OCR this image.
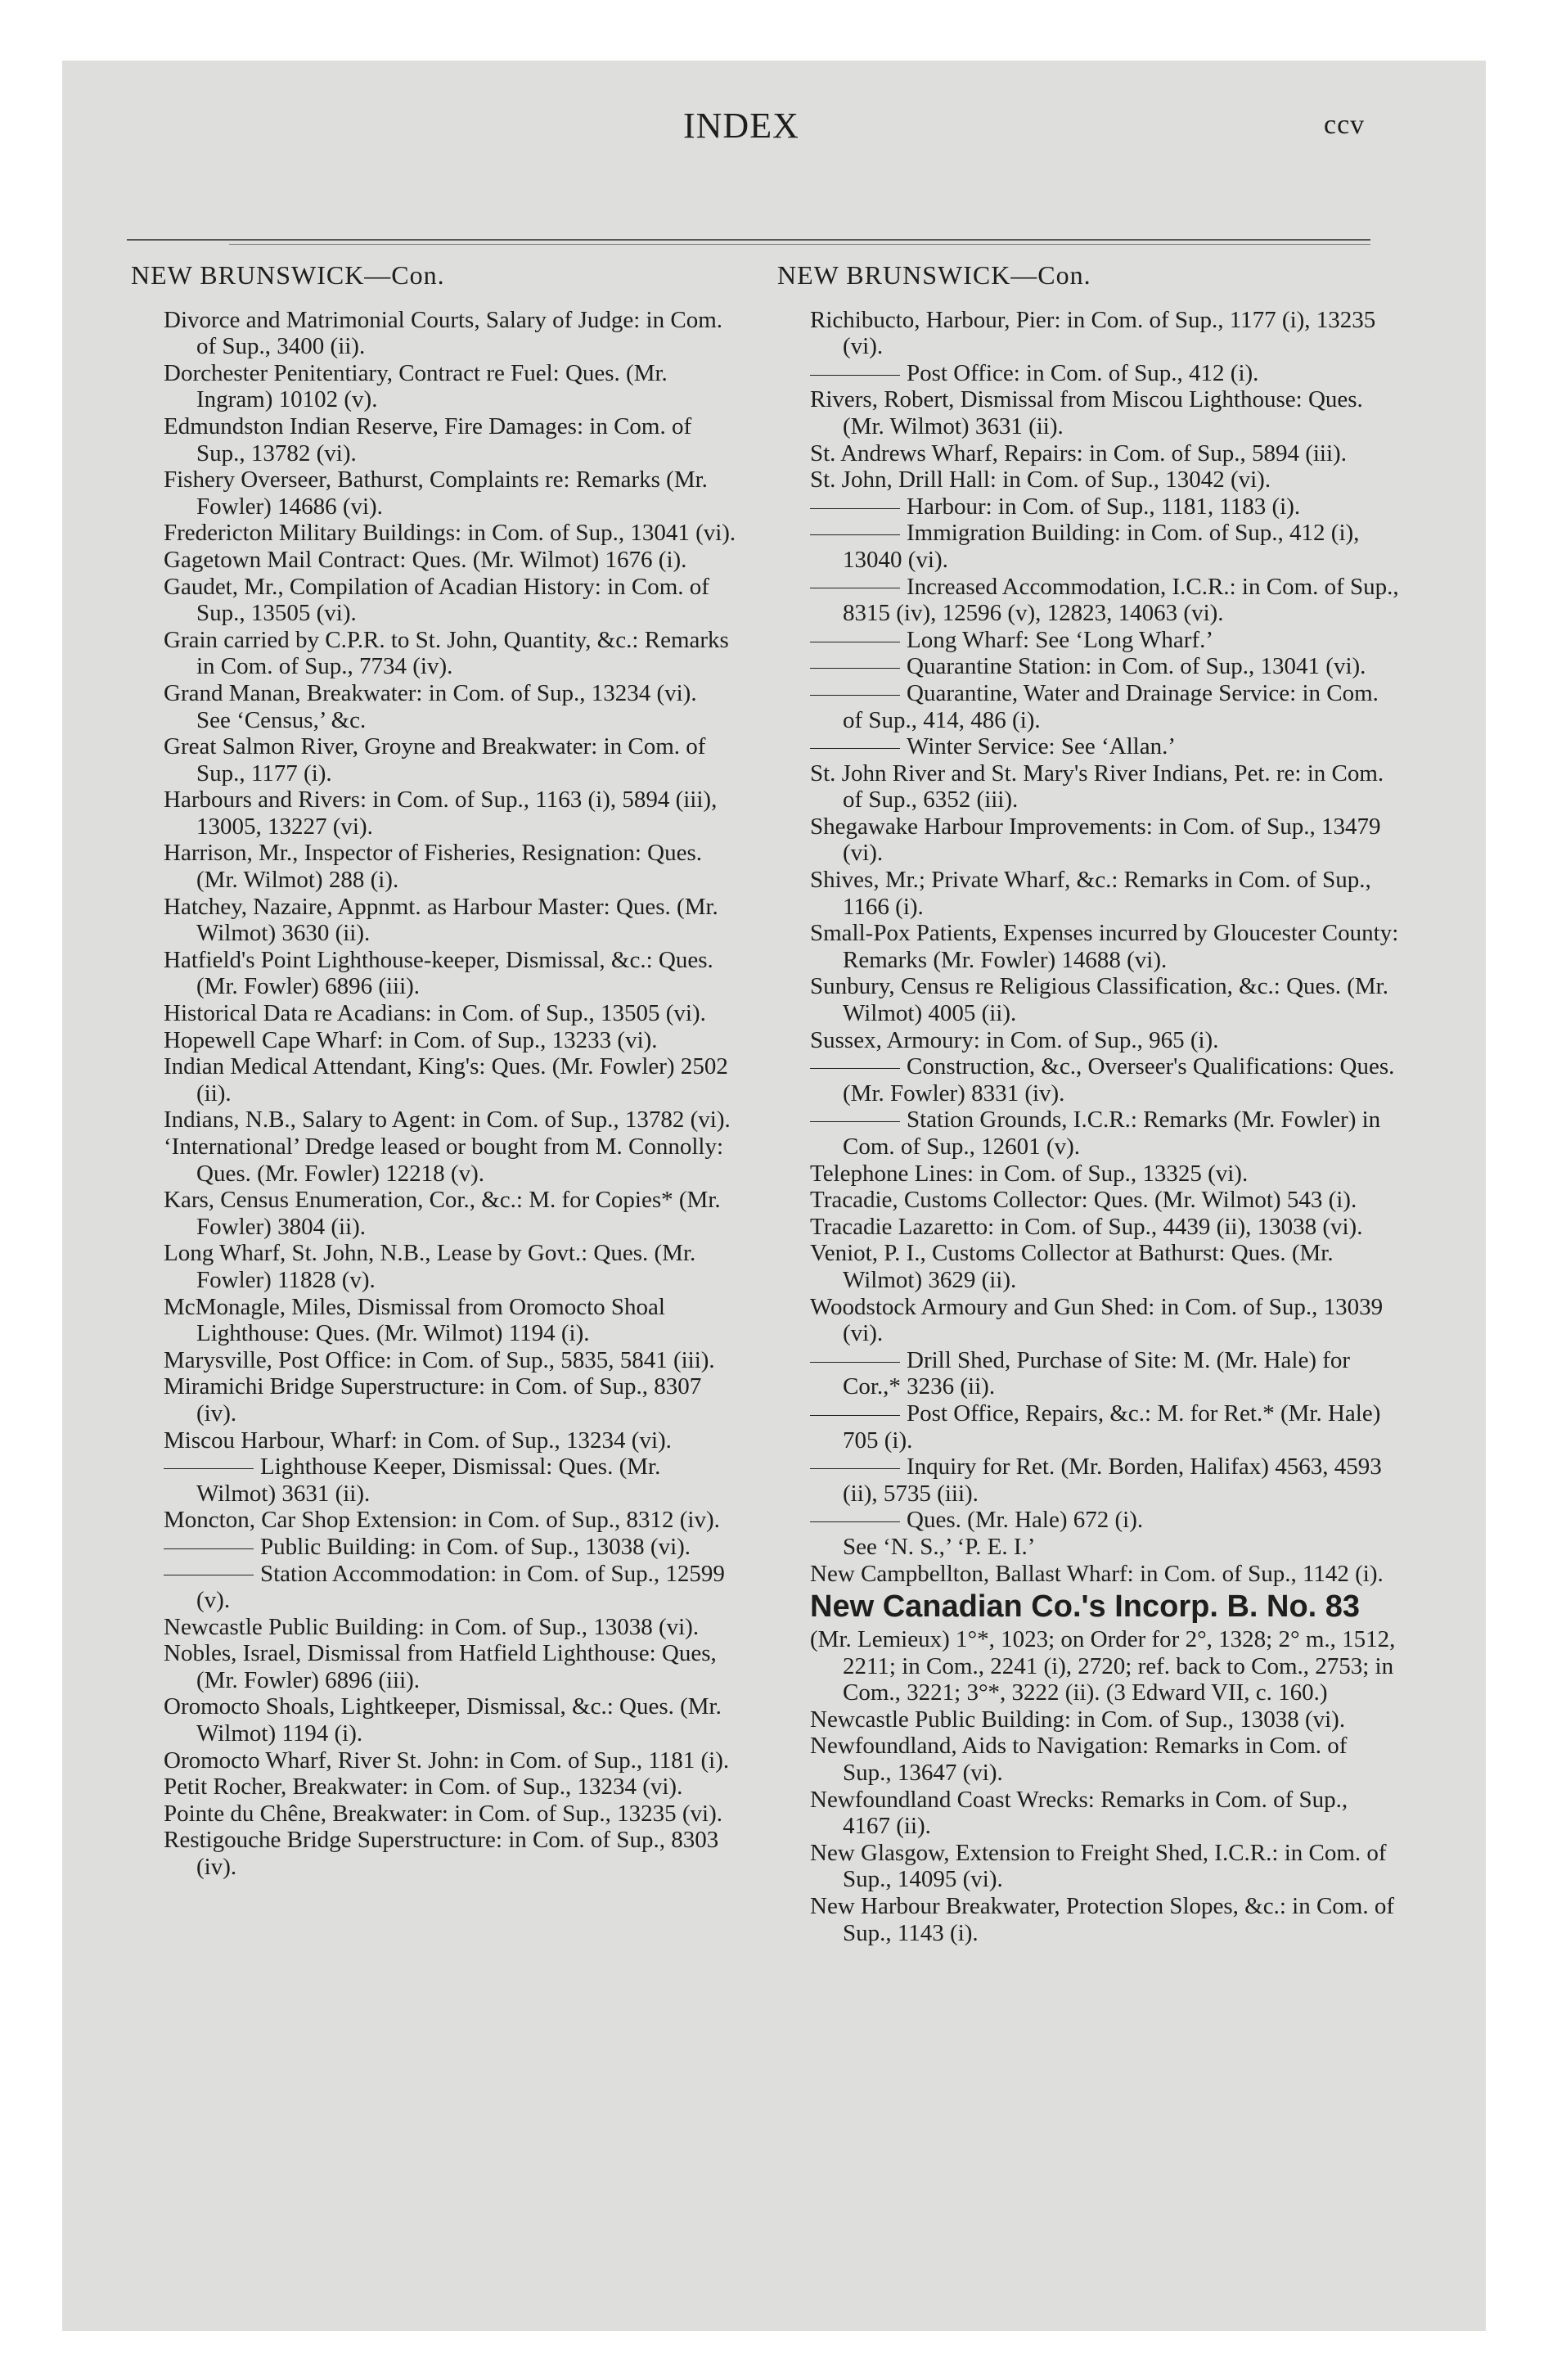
INDEX	ccv
NEW BRUNSWICK—Con.
Divorce and Matrimonial Courts, Salary of Judge: in Com. of Sup., 3400 (ii).
Dorchester Penitentiary, Contract re Fuel: Ques. (Mr. Ingram) 10102 (v).
Edmundston Indian Reserve, Fire Damages: in Com. of Sup., 13782 (vi).
Fishery Overseer, Bathurst, Complaints re: Remarks (Mr. Fowler) 14686 (vi).
Fredericton Military Buildings: in Com. of Sup., 13041 (vi).
Gagetown Mail Contract: Ques. (Mr. Wilmot) 1676 (i).
Gaudet, Mr., Compilation of Acadian History: in Com. of Sup., 13505 (vi).
Grain carried by C.P.R. to St. John, Quantity, &c.: Remarks in Com. of Sup., 7734 (iv).
Grand Manan, Breakwater: in Com. of Sup., 13234 (vi).
See ‘Census,’ &c.
Great Salmon River, Groyne and Breakwater: in Com. of Sup., 1177 (i).
Harbours and Rivers: in Com. of Sup., 1163 (i), 5894 (iii), 13005, 13227 (vi).
Harrison, Mr., Inspector of Fisheries, Resignation: Ques. (Mr. Wilmot) 288 (i).
Hatchey, Nazaire, Appnmt. as Harbour Master: Ques. (Mr. Wilmot) 3630 (ii).
Hatfield's Point Lighthouse-keeper, Dismissal, &c.: Ques. (Mr. Fowler) 6896 (iii).
Historical Data re Acadians: in Com. of Sup., 13505 (vi).
Hopewell Cape Wharf: in Com. of Sup., 13233 (vi).
Indian Medical Attendant, King's: Ques. (Mr. Fowler) 2502 (ii).
Indians, N.B., Salary to Agent: in Com. of Sup., 13782 (vi).
‘International’ Dredge leased or bought from M. Connolly: Ques. (Mr. Fowler) 12218 (v).
Kars, Census Enumeration, Cor., &c.: M. for Copies* (Mr. Fowler) 3804 (ii).
Long Wharf, St. John, N.B., Lease by Govt.: Ques. (Mr. Fowler) 11828 (v).
McMonagle, Miles, Dismissal from Oromocto Shoal Lighthouse: Ques. (Mr. Wilmot) 1194 (i).
Marysville, Post Office: in Com. of Sup., 5835, 5841 (iii).
Miramichi Bridge Superstructure: in Com. of Sup., 8307 (iv).
Miscou Harbour, Wharf: in Com. of Sup., 13234 (vi).
Lighthouse Keeper, Dismissal: Ques. (Mr. Wilmot) 3631 (ii).
Moncton, Car Shop Extension: in Com. of Sup., 8312 (iv).
Public Building: in Com. of Sup., 13038 (vi).
Station Accommodation: in Com. of Sup., 12599 (v).
Newcastle Public Building: in Com. of Sup., 13038 (vi).
Nobles, Israel, Dismissal from Hatfield Lighthouse: Ques, (Mr. Fowler) 6896 (iii).
Oromocto Shoals, Lightkeeper, Dismissal, &c.: Ques. (Mr. Wilmot) 1194 (i).
Oromocto Wharf, River St. John: in Com. of Sup., 1181 (i).
Petit Rocher, Breakwater: in Com. of Sup., 13234 (vi).
Pointe du Chêne, Breakwater: in Com. of Sup., 13235 (vi).
Restigouche Bridge Superstructure: in Com. of Sup., 8303 (iv).
NEW BRUNSWICK—Con.
Richibucto, Harbour, Pier: in Com. of Sup., 1177 (i), 13235 (vi).
Post Office: in Com. of Sup., 412 (i).
Rivers, Robert, Dismissal from Miscou Lighthouse: Ques. (Mr. Wilmot) 3631 (ii).
St. Andrews Wharf, Repairs: in Com. of Sup., 5894 (iii).
St. John, Drill Hall: in Com. of Sup., 13042 (vi).
Harbour: in Com. of Sup., 1181, 1183 (i).
Immigration Building: in Com. of Sup., 412 (i), 13040 (vi).
Increased Accommodation, I.C.R.: in Com. of Sup., 8315 (iv), 12596 (v), 12823, 14063 (vi).
Long Wharf: See ‘Long Wharf.’
Quarantine Station: in Com. of Sup., 13041 (vi).
Quarantine, Water and Drainage Service: in Com. of Sup., 414, 486 (i).
Winter Service: See ‘Allan.’
St. John River and St. Mary's River Indians, Pet. re: in Com. of Sup., 6352 (iii).
Shegawake Harbour Improvements: in Com. of Sup., 13479 (vi).
Shives, Mr.; Private Wharf, &c.: Remarks in Com. of Sup., 1166 (i).
Small-Pox Patients, Expenses incurred by Gloucester County: Remarks (Mr. Fowler) 14688 (vi).
Sunbury, Census re Religious Classification, &c.: Ques. (Mr. Wilmot) 4005 (ii).
Sussex, Armoury: in Com. of Sup., 965 (i).
Construction, &c., Overseer's Qualifications: Ques. (Mr. Fowler) 8331 (iv).
Station Grounds, I.C.R.: Remarks (Mr. Fowler) in Com. of Sup., 12601 (v).
Telephone Lines: in Com. of Sup., 13325 (vi).
Tracadie, Customs Collector: Ques. (Mr. Wilmot) 543 (i).
Tracadie Lazaretto: in Com. of Sup., 4439 (ii), 13038 (vi).
Veniot, P. I., Customs Collector at Bathurst: Ques. (Mr. Wilmot) 3629 (ii).
Woodstock Armoury and Gun Shed: in Com. of Sup., 13039 (vi).
Drill Shed, Purchase of Site: M. (Mr. Hale) for Cor.,* 3236 (ii).
Post Office, Repairs, &c.: M. for Ret.* (Mr. Hale) 705 (i).
Inquiry for Ret. (Mr. Borden, Halifax) 4563, 4593 (ii), 5735 (iii).
Ques. (Mr. Hale) 672 (i).
See ‘N. S.,’ ‘P. E. I.’
New Campbellton, Ballast Wharf: in Com. of Sup., 1142 (i).
New Canadian Co.'s Incorp. B. No. 83
(Mr. Lemieux) 1°*, 1023; on Order for 2°, 1328; 2° m., 1512, 2211; in Com., 2241 (i), 2720; ref. back to Com., 2753; in Com., 3221; 3°*, 3222 (ii). (3 Edward VII, c. 160.)
Newcastle Public Building: in Com. of Sup., 13038 (vi).
Newfoundland, Aids to Navigation: Remarks in Com. of Sup., 13647 (vi).
Newfoundland Coast Wrecks: Remarks in Com. of Sup., 4167 (ii).
New Glasgow, Extension to Freight Shed, I.C.R.: in Com. of Sup., 14095 (vi).
New Harbour Breakwater, Protection Slopes, &c.: in Com. of Sup., 1143 (i).
